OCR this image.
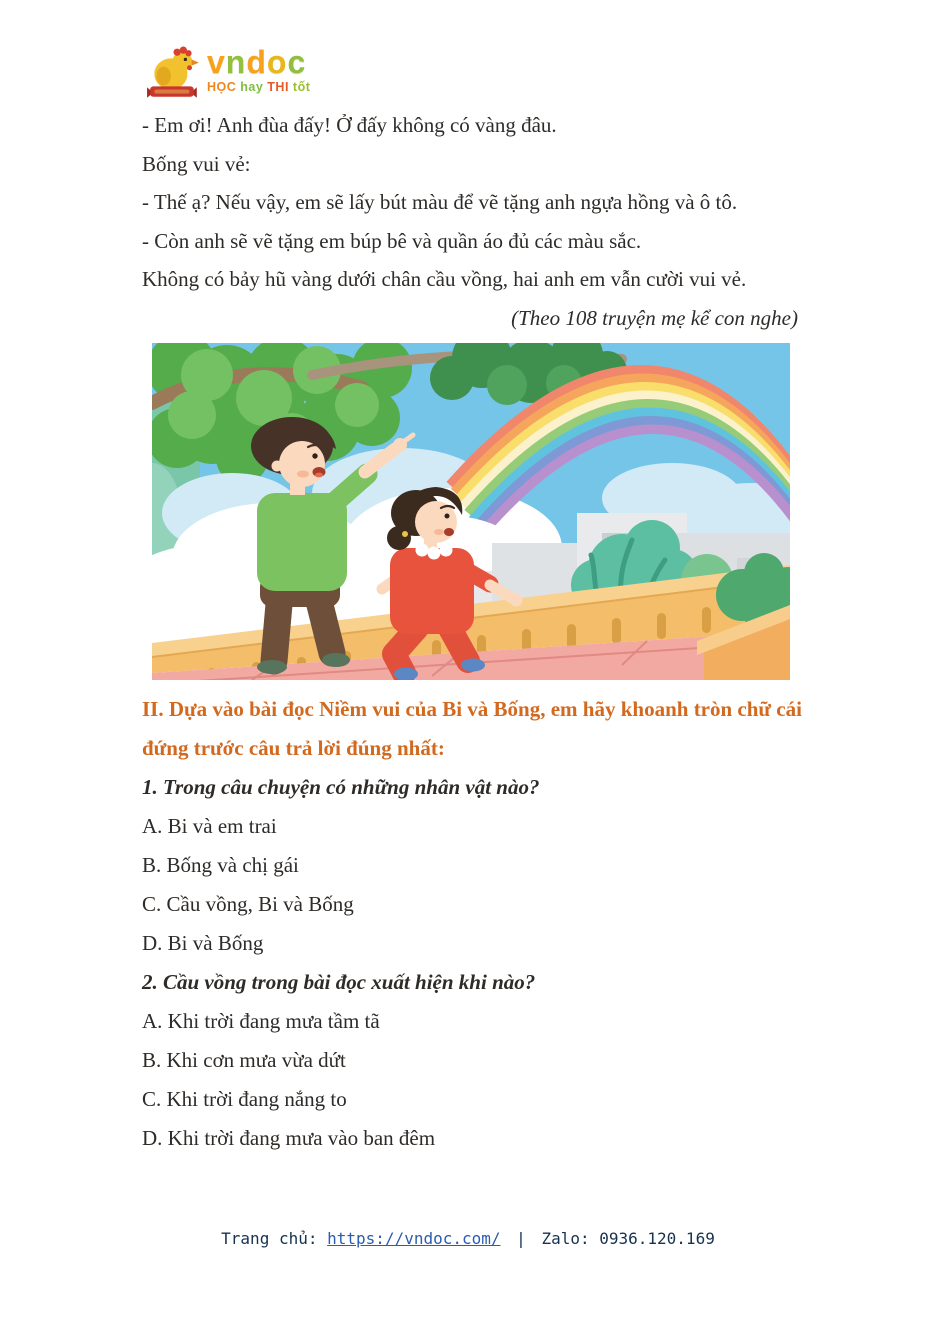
vndoc
HỌC hay THI tốt
- Em ơi! Anh đùa đấy! Ở đấy không có vàng đâu.
Bống vui vẻ:
- Thế ạ? Nếu vậy, em sẽ lấy bút màu để vẽ tặng anh ngựa hồng và ô tô.
- Còn anh sẽ vẽ tặng em búp bê và quần áo đủ các màu sắc.
Không có bảy hũ vàng dưới chân cầu vồng, hai anh em vẫn cười vui vẻ.
(Theo 108 truyện mẹ kể con nghe)
II. Dựa vào bài đọc Niềm vui của Bi và Bống, em hãy khoanh tròn chữ cái đứng trước câu trả lời đúng nhất:
1. Trong câu chuyện có những nhân vật nào?
A. Bi và em trai
B. Bống và chị gái
C. Cầu vồng, Bi và Bống
D. Bi và Bống
2. Cầu vồng trong bài đọc xuất hiện khi nào?
A. Khi trời đang mưa tầm tã
B. Khi cơn mưa vừa dứt
C. Khi trời đang nắng to
D. Khi trời đang mưa vào ban đêm
Trang chủ: https://vndoc.com/ | Zalo: 0936.120.169
